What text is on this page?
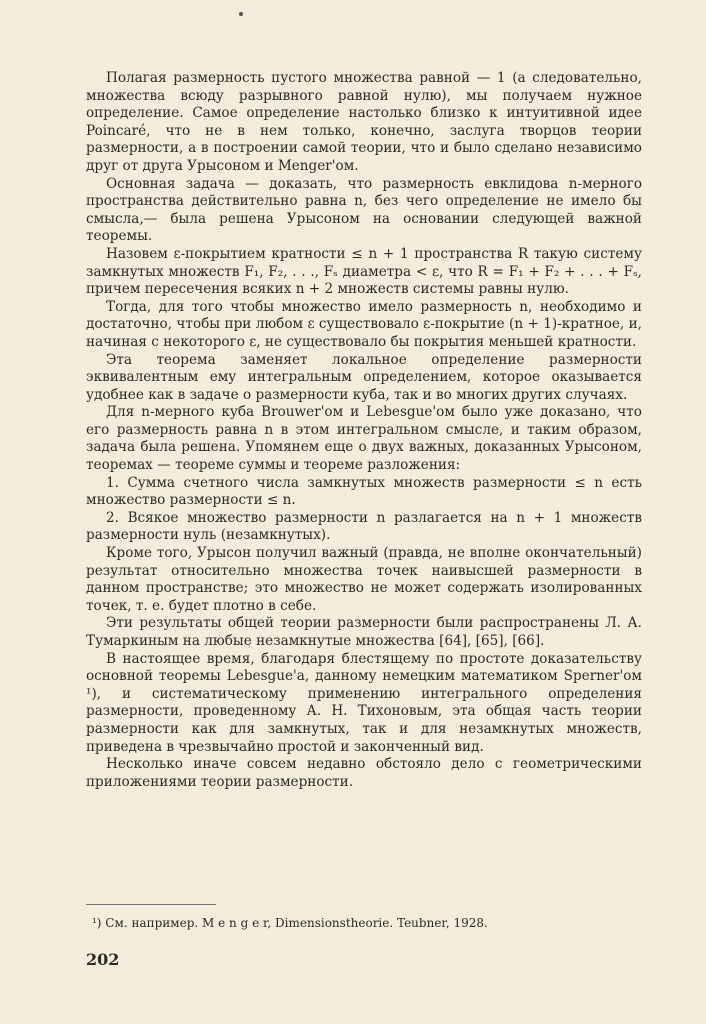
Полагая размерность пустого множества равной — 1 (а следовательно, множества всюду разрывного равной нулю), мы получаем нужное определение. Самое определение настолько близко к интуитивной идее Poincaré, что не в нем только, конечно, заслуга творцов теории размерности, а в построении самой теории, что и было сделано независимо друг от друга Урысоном и Menger'ом.

Основная задача — доказать, что размерность евклидова n-мерного пространства действительно равна n, без чего определение не имело бы смысла,— была решена Урысоном на основании следующей важной теоремы.

Назовем ε-покрытием кратности ≤ n + 1 пространства R такую систему замкнутых множеств F₁, F₂, . . ., Fₛ диаметра < ε, что R = F₁ + F₂ + . . . + Fₛ, причем пересечения всяких n + 2 множеств системы равны нулю.

Тогда, для того чтобы множество имело размерность n, необходимо и достаточно, чтобы при любом ε существовало ε-покрытие (n + 1)-кратное, и, начиная с некоторого ε, не существовало бы покрытия меньшей кратности.

Эта теорема заменяет локальное определение размерности эквивалентным ему интегральным определением, которое оказывается удобнее как в задаче о размерности куба, так и во многих других случаях.

Для n-мерного куба Brouwer'ом и Lebesgue'ом было уже доказано, что его размерность равна n в этом интегральном смысле, и таким образом, задача была решена. Упомянем еще о двух важных, доказанных Урысоном, теоремах — теореме суммы и теореме разложения:

1. Сумма счетного числа замкнутых множеств размерности ≤ n есть множество размерности ≤ n.

2. Всякое множество размерности n разлагается на n + 1 множеств размерности нуль (незамкнутых).

Кроме того, Урысон получил важный (правда, не вполне окончательный) результат относительно множества точек наивысшей размерности в данном пространстве; это множество не может содержать изолированных точек, т. е. будет плотно в себе.

Эти результаты общей теории размерности были распространены Л. А. Тумаркиным на любые незамкнутые множества [64], [65], [66].

В настоящее время, благодаря блестящему по простоте доказательству основной теоремы Lebesgue'а, данному немецким математиком Sperner'ом ¹), и систематическому применению интегрального определения размерности, проведенному А. Н. Тихоновым, эта общая часть теории размерности как для замкнутых, так и для незамкнутых множеств, приведена в чрезвычайно простой и законченный вид.

Несколько иначе совсем недавно обстояло дело с геометрическими приложениями теории размерности.

¹) См. например. M e n g e r, Dimensionstheorie. Teubner, 1928.
202
